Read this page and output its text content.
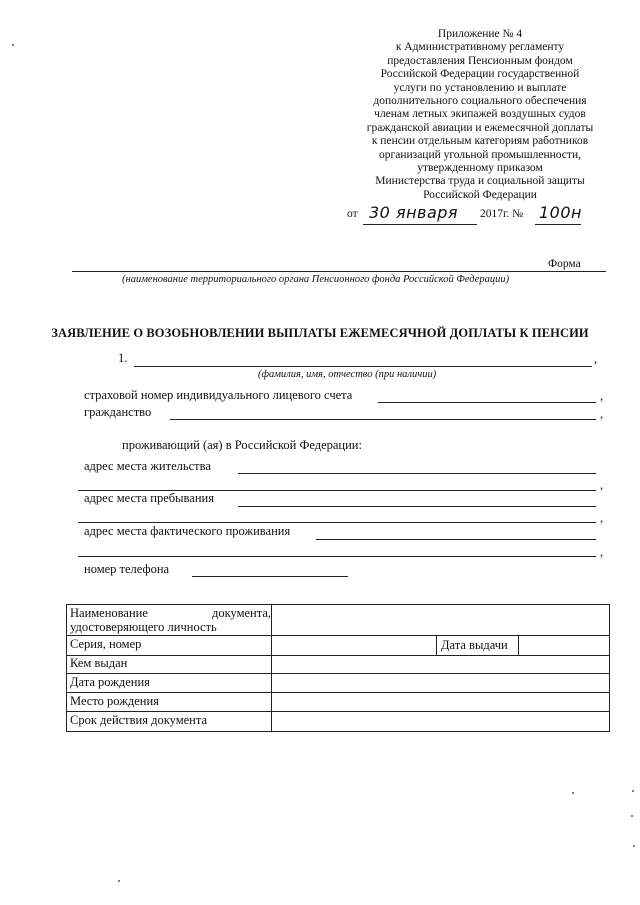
Приложение № 4
к Административному регламенту
предоставления Пенсионным фондом
Российской Федерации государственной
услуги по установлению и выплате
дополнительного социального обеспечения
членам летных экипажей воздушных судов
гражданской авиации и ежемесячной доплаты
к пенсии отдельным категориям работников
организаций угольной промышленности,
утвержденному приказом
Министерства труда и социальной защиты
Российской Федерации
от 30 января 2017г. № 100н
Форма
(наименование территориального органа Пенсионного фонда Российской Федерации)
ЗАЯВЛЕНИЕ О ВОЗОБНОВЛЕНИИ ВЫПЛАТЫ ЕЖЕМЕСЯЧНОЙ ДОПЛАТЫ К ПЕНСИИ
1.	,
(фамилия, имя, отчество (при наличии)
страховой номер индивидуального лицевого счета	,
гражданство	,
проживающий (ая) в Российской Федерации:
адрес места жительства
,
адрес места пребывания
,
адрес места фактического проживания
,
номер телефона
Наименование	документа,
удостоверяющего личность
Серия, номер	Дата выдачи
Кем выдан
Дата рождения
Место рождения
Срок действия документа
